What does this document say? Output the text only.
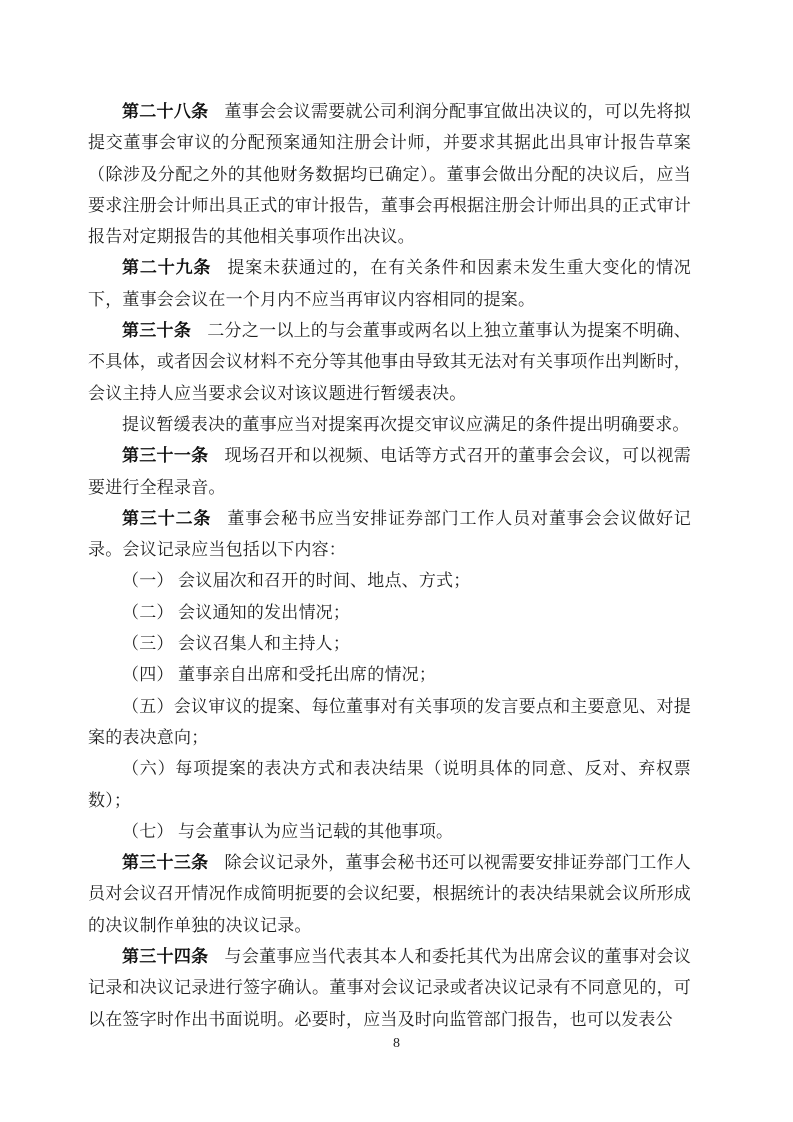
第二十八条 董事会会议需要就公司利润分配事宜做出决议的，可以先将拟提交董事会审议的分配预案通知注册会计师，并要求其据此出具审计报告草案（除涉及分配之外的其他财务数据均已确定）。董事会做出分配的决议后，应当要求注册会计师出具正式的审计报告，董事会再根据注册会计师出具的正式审计报告对定期报告的其他相关事项作出决议。

第二十九条 提案未获通过的，在有关条件和因素未发生重大变化的情况下，董事会会议在一个月内不应当再审议内容相同的提案。

第三十条 二分之一以上的与会董事或两名以上独立董事认为提案不明确、不具体，或者因会议材料不充分等其他事由导致其无法对有关事项作出判断时，会议主持人应当要求会议对该议题进行暂缓表决。

提议暂缓表决的董事应当对提案再次提交审议应满足的条件提出明确要求。

第三十一条 现场召开和以视频、电话等方式召开的董事会会议，可以视需要进行全程录音。

第三十二条 董事会秘书应当安排证券部门工作人员对董事会会议做好记录。会议记录应当包括以下内容：

（一） 会议届次和召开的时间、地点、方式；

（二） 会议通知的发出情况；

（三） 会议召集人和主持人；

（四） 董事亲自出席和受托出席的情况；

（五）会议审议的提案、每位董事对有关事项的发言要点和主要意见、对提案的表决意向；

（六）每项提案的表决方式和表决结果（说明具体的同意、反对、弃权票数）；

（七） 与会董事认为应当记载的其他事项。

第三十三条 除会议记录外，董事会秘书还可以视需要安排证券部门工作人员对会议召开情况作成简明扼要的会议纪要，根据统计的表决结果就会议所形成的决议制作单独的决议记录。

第三十四条 与会董事应当代表其本人和委托其代为出席会议的董事对会议记录和决议记录进行签字确认。董事对会议记录或者决议记录有不同意见的，可以在签字时作出书面说明。必要时，应当及时向监管部门报告，也可以发表公

8
